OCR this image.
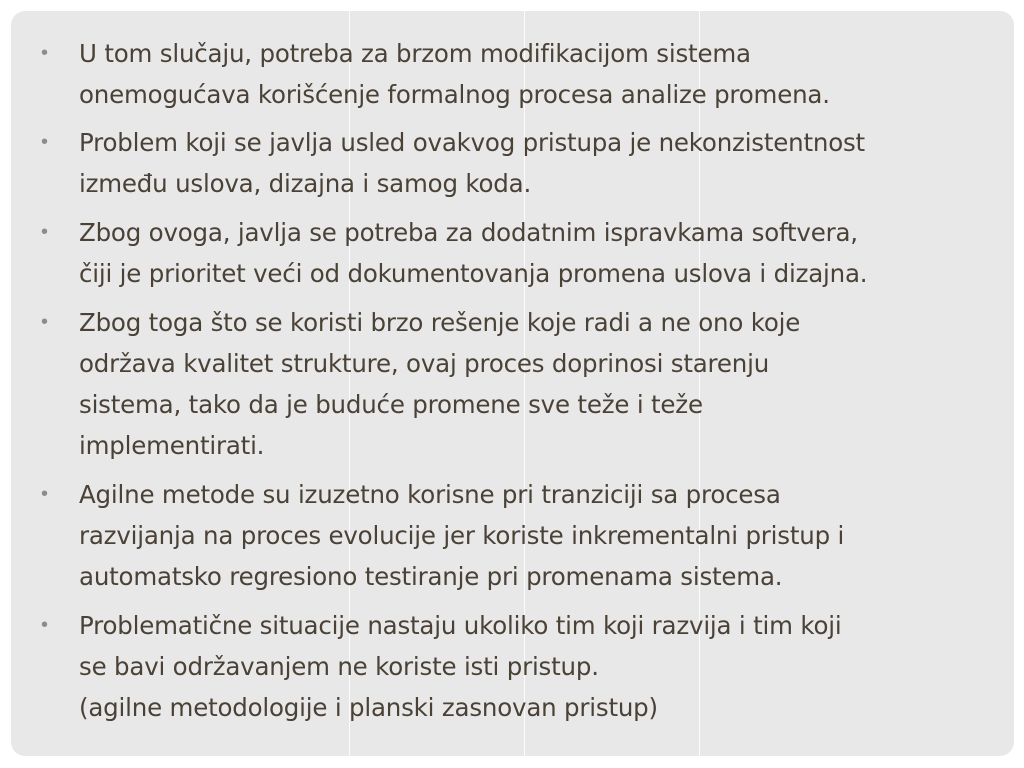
• U tom slučaju, potreba za brzom modifikacijom sistema
onemogućava korišćenje formalnog procesa analize promena.
• Problem koji se javlja usled ovakvog pristupa je nekonzistentnost
između uslova, dizajna i samog koda.
• Zbog ovoga, javlja se potreba za dodatnim ispravkama softvera,
čiji je prioritet veći od dokumentovanja promena uslova i dizajna.
• Zbog toga što se koristi brzo rešenje koje radi a ne ono koje
održava kvalitet strukture, ovaj proces doprinosi starenju
sistema, tako da je buduće promene sve teže i teže
implementirati.
• Agilne metode su izuzetno korisne pri tranziciji sa procesa
razvijanja na proces evolucije jer koriste inkrementalni pristup i
automatsko regresiono testiranje pri promenama sistema.
• Problematične situacije nastaju ukoliko tim koji razvija i tim koji
se bavi održavanjem ne koriste isti pristup.
(agilne metodologije i planski zasnovan pristup)
